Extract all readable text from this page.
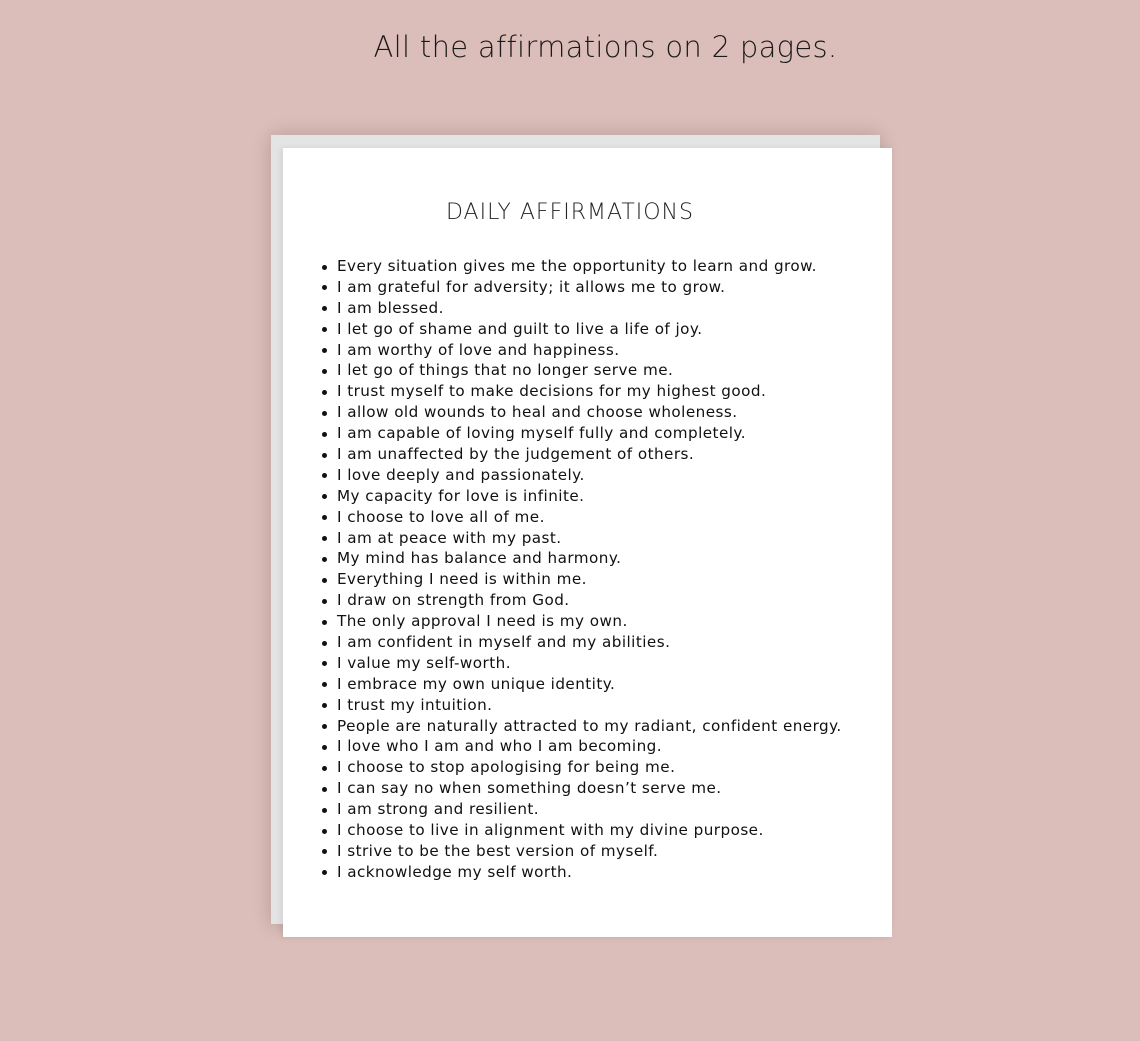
All the affirmations on 2 pages.
DAILY AFFIRMATIONS
Every situation gives me the opportunity to learn and grow.
I am grateful for adversity; it allows me to grow.
I am blessed.
I let go of shame and guilt to live a life of joy.
I am worthy of love and happiness.
I let go of things that no longer serve me.
I trust myself to make decisions for my highest good.
I allow old wounds to heal and choose wholeness.
I am capable of loving myself fully and completely.
I am unaffected by the judgement of others.
I love deeply and passionately.
My capacity for love is infinite.
I choose to love all of me.
I am at peace with my past.
My mind has balance and harmony.
Everything I need is within me.
I draw on strength from God.
The only approval I need is my own.
I am confident in myself and my abilities.
I value my self-worth.
I embrace my own unique identity.
I trust my intuition.
People are naturally attracted to my radiant, confident energy.
I love who I am and who I am becoming.
I choose to stop apologising for being me.
I can say no when something doesn’t serve me.
I am strong and resilient.
I choose to live in alignment with my divine purpose.
I strive to be the best version of myself.
I acknowledge my self worth.
